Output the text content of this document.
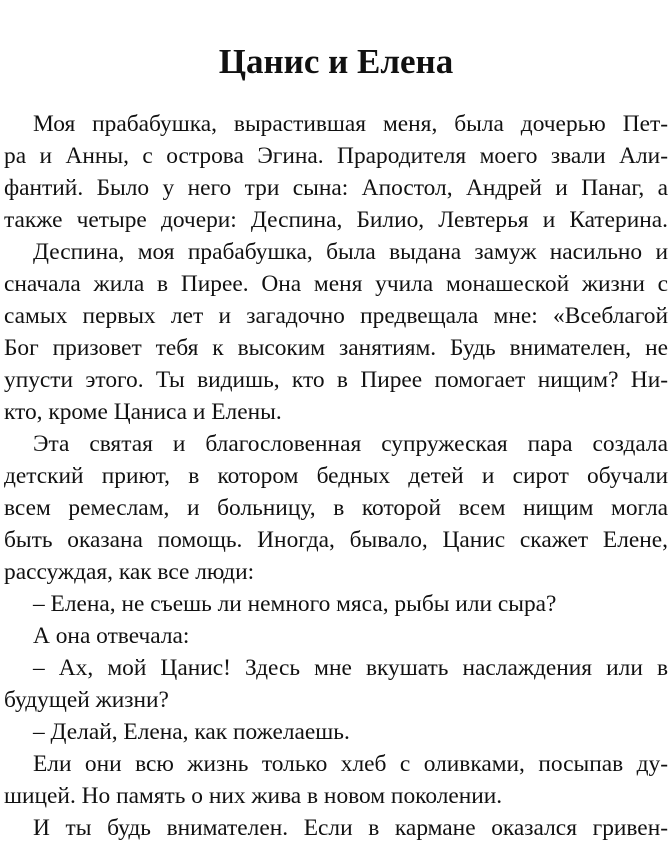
Цанис и Елена
Моя прабабушка, вырастившая меня, была дочерью Пет-
ра и Анны, с острова Эгина. Прародителя моего звали Али-
фантий. Было у него три сына: Апостол, Андрей и Панаг, а
также четыре дочери: Деспина, Билио, Левтерья и Катерина.
Деспина, моя прабабушка, была выдана замуж насильно и
сначала жила в Пирее. Она меня учила монашеской жизни с
самых первых лет и загадочно предвещала мне: «Всеблагой
Бог призовет тебя к высоким занятиям. Будь внимателен, не
упусти этого. Ты видишь, кто в Пирее помогает нищим? Ни-
кто, кроме Цаниса и Елены.
Эта святая и благословенная супружеская пара создала
детский приют, в котором бедных детей и сирот обучали
всем ремеслам, и больницу, в которой всем нищим могла
быть оказана помощь. Иногда, бывало, Цанис скажет Елене,
рассуждая, как все люди:
– Елена, не съешь ли немного мяса, рыбы или сыра?
А она отвечала:
– Ах, мой Цанис! Здесь мне вкушать наслаждения или в
будущей жизни?
– Делай, Елена, как пожелаешь.
Ели они всю жизнь только хлеб с оливками, посыпав ду-
шицей. Но память о них жива в новом поколении.
И ты будь внимателен. Если в кармане оказался гривен-
